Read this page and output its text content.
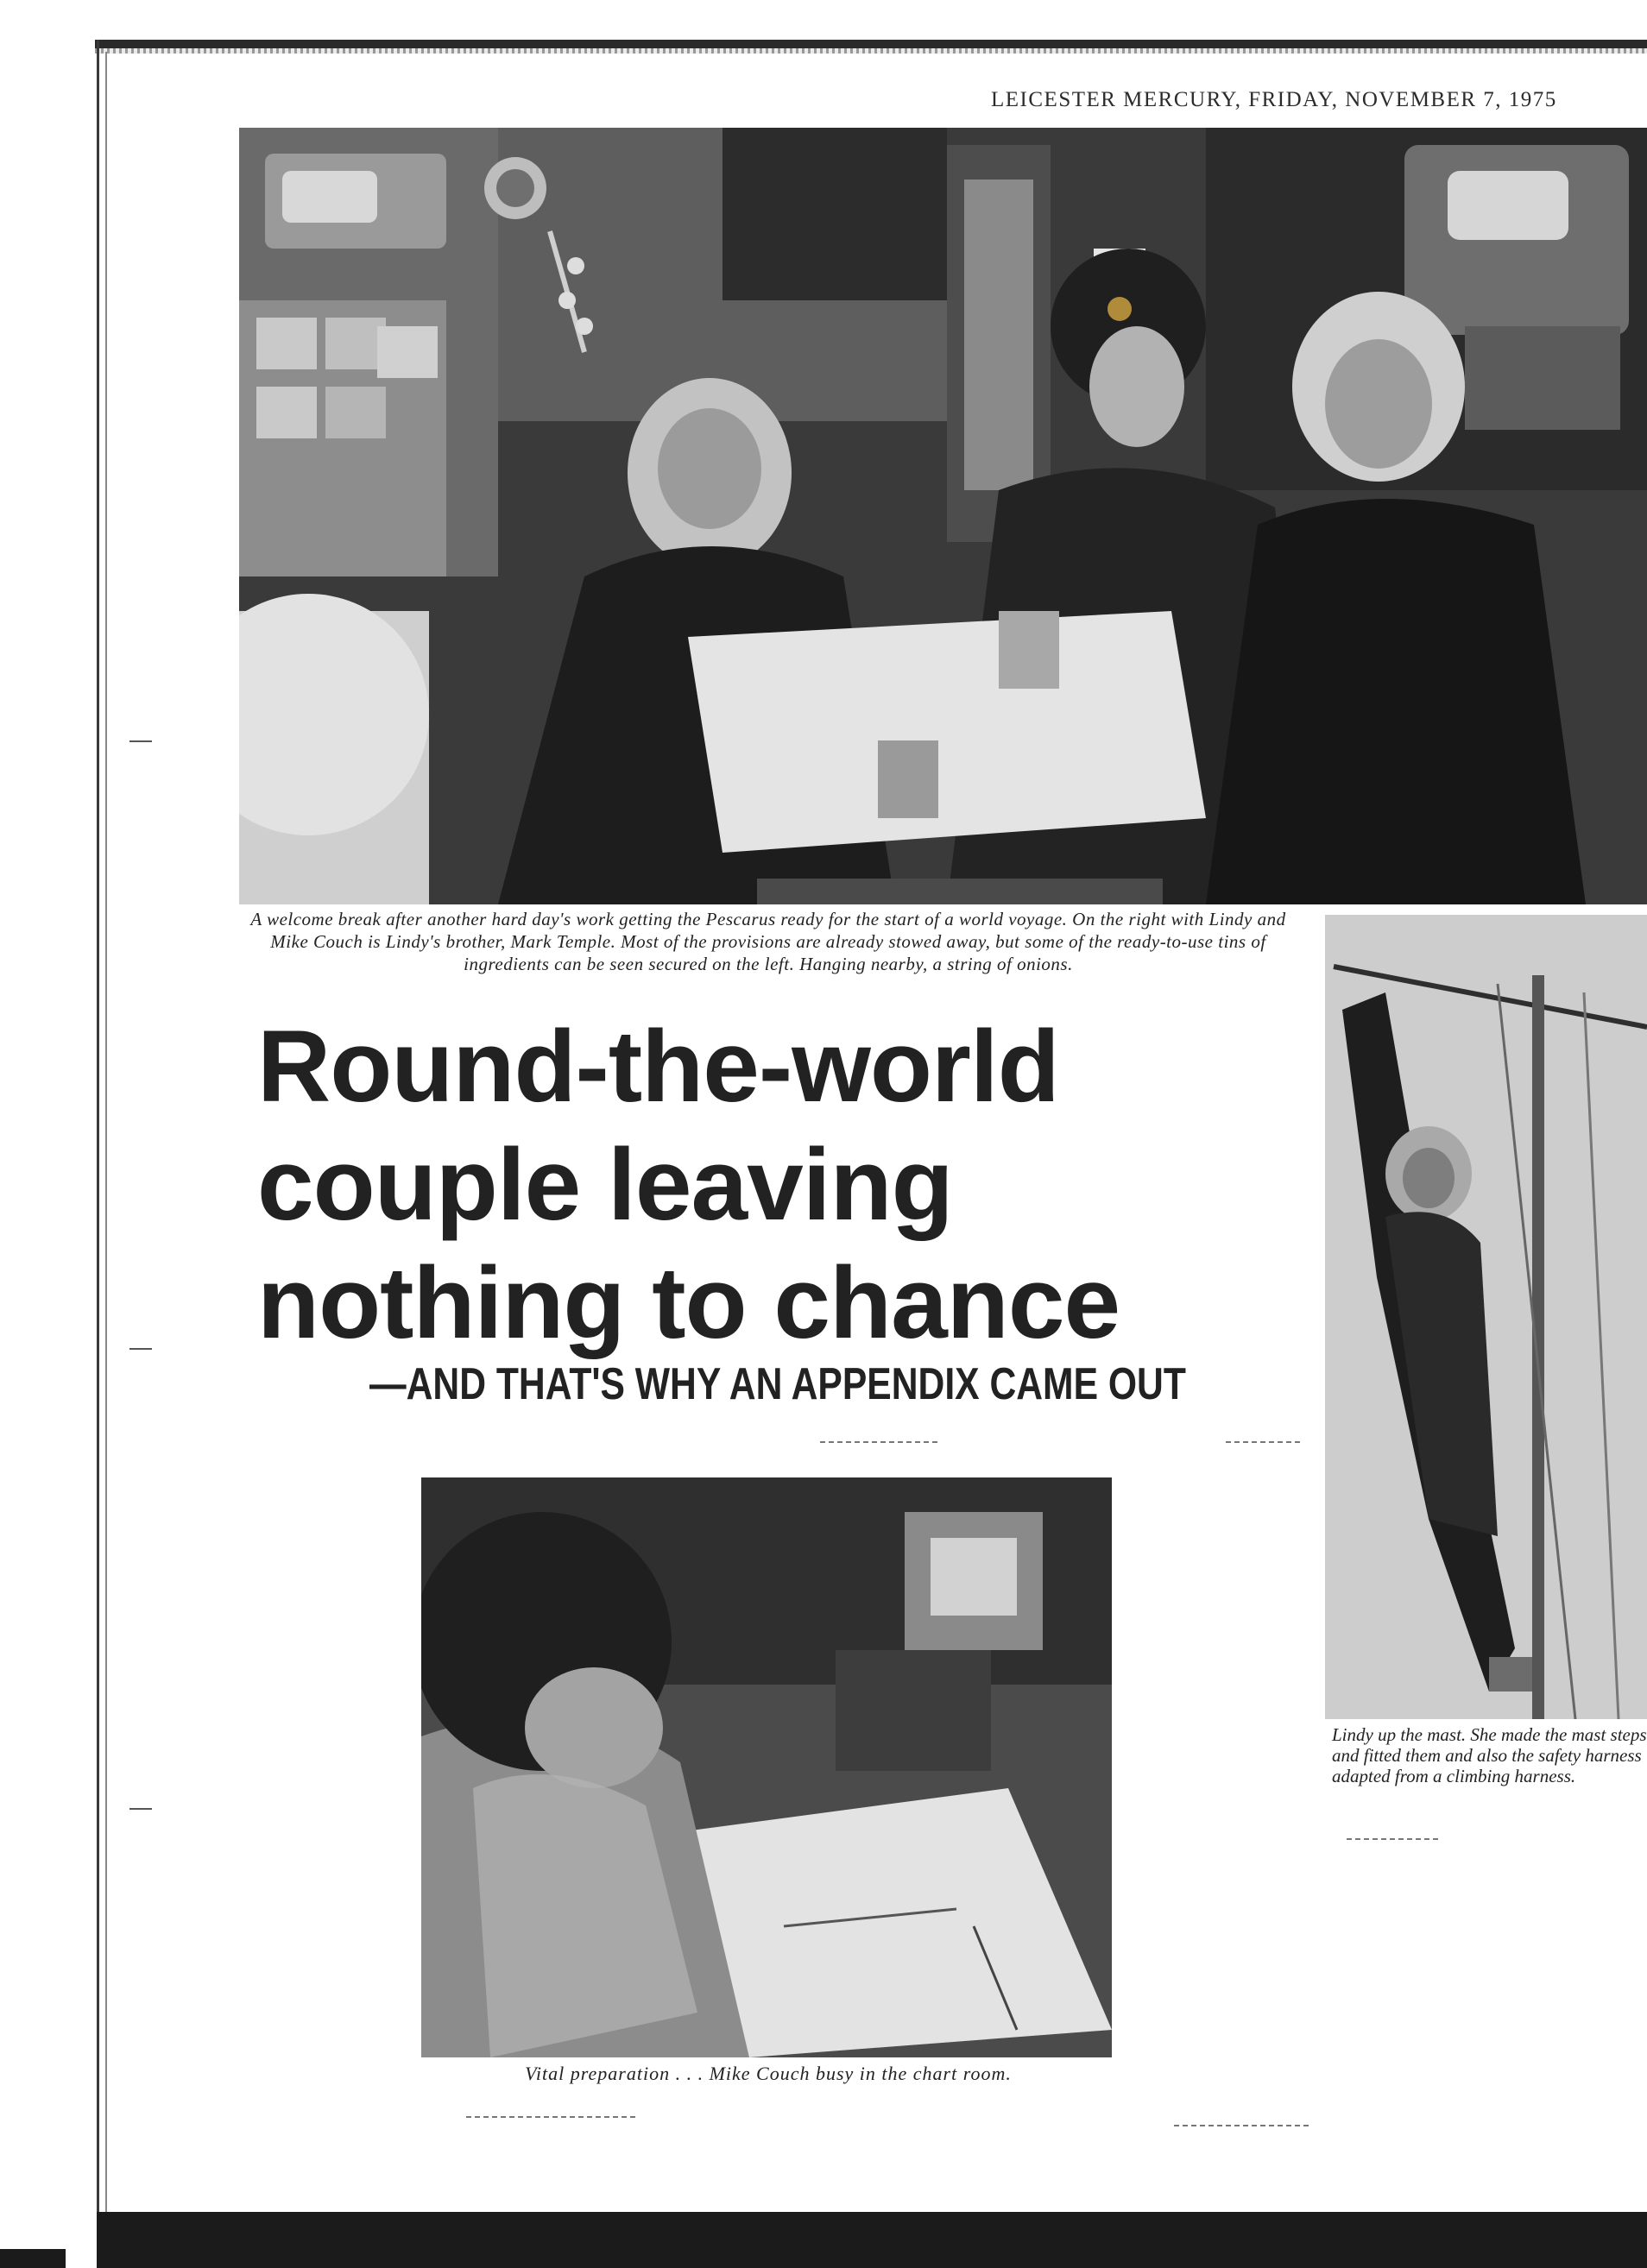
LEICESTER MERCURY, FRIDAY, NOVEMBER 7, 1975
A welcome break after another hard day's work getting the Pescarus ready for the start of a world voyage. On the right with Lindy and Mike Couch is Lindy's brother, Mark Temple. Most of the provisions are already stowed away, but some of the ready-to-use tins of ingredients can be seen secured on the left. Hanging nearby, a string of onions.
Lindy up the mast. She made the mast steps and fitted them and also the safety harness adapted from a climbing harness.
Round-the-world
couple leaving
nothing to chance
—AND THAT'S WHY AN APPENDIX CAME OUT
Vital preparation . . . Mike Couch busy in the chart room.
